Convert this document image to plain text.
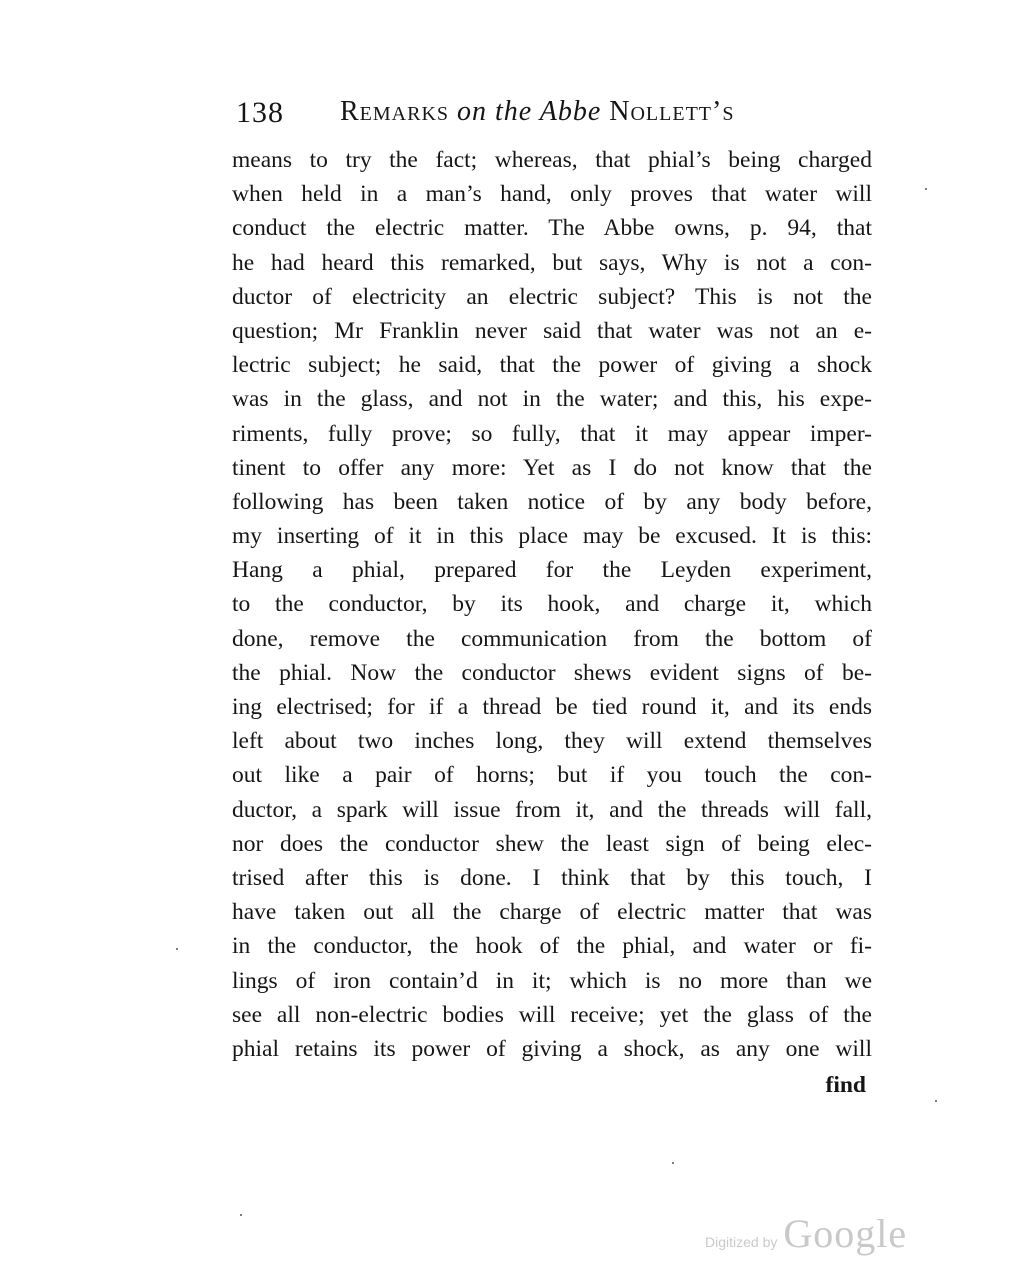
138 Remarks on the Abbe Nollett’s
means to try the fact; whereas, that phial’s being charged
when held in a man’s hand, only proves that water will
conduct the electric matter. The Abbe owns, p. 94, that
he had heard this remarked, but says, Why is not a con-
ductor of electricity an electric subject? This is not the
question; Mr Franklin never said that water was not an e-
lectric subject; he said, that the power of giving a shock
was in the glass, and not in the water; and this, his expe-
riments, fully prove; so fully, that it may appear imper-
tinent to offer any more: Yet as I do not know that the
following has been taken notice of by any body before,
my inserting of it in this place may be excused. It is this:
Hang a phial, prepared for the Leyden experiment,
to the conductor, by its hook, and charge it, which
done, remove the communication from the bottom of
the phial. Now the conductor shews evident signs of be-
ing electrised; for if a thread be tied round it, and its ends
left about two inches long, they will extend themselves
out like a pair of horns; but if you touch the con-
ductor, a spark will issue from it, and the threads will fall,
nor does the conductor shew the least sign of being elec-
trised after this is done. I think that by this touch, I
have taken out all the charge of electric matter that was
in the conductor, the hook of the phial, and water or fi-
lings of iron contain’d in it; which is no more than we
see all non-electric bodies will receive; yet the glass of the
phial retains its power of giving a shock, as any one will
find
Digitized by Google
